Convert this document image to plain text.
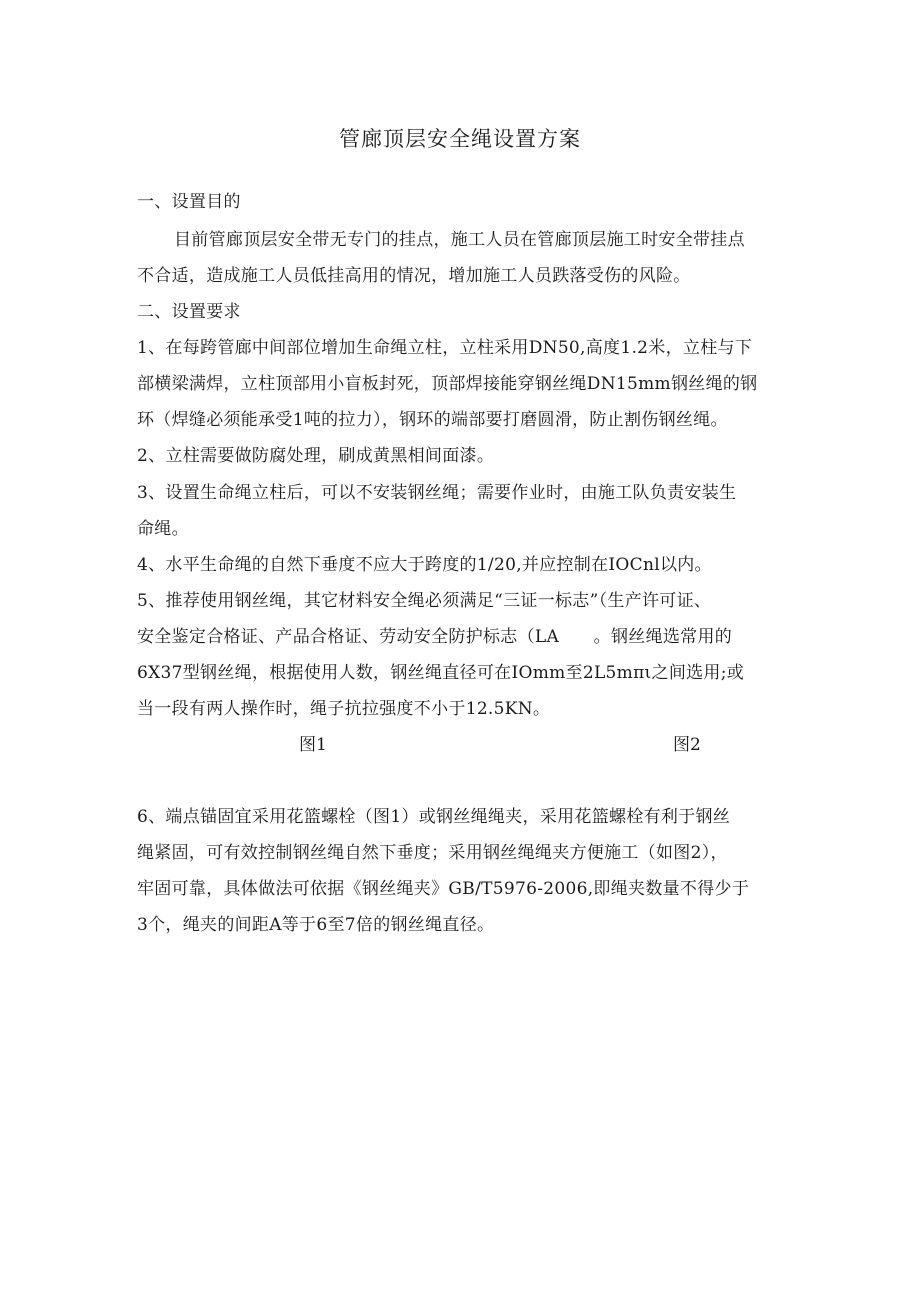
管廊顶层安全绳设置方案
一、设置目的
目前管廊顶层安全带无专门的挂点，施工人员在管廊顶层施工时安全带挂点
不合适，造成施工人员低挂高用的情况，增加施工人员跌落受伤的风险。
二、设置要求
1、在每跨管廊中间部位增加生命绳立柱，立柱采用DN50,高度1.2米，立柱与下
部横梁满焊，立柱顶部用小盲板封死，顶部焊接能穿钢丝绳DN15mm钢丝绳的钢
环（焊缝必须能承受1吨的拉力），钢环的端部要打磨圆滑，防止割伤钢丝绳。
2、立柱需要做防腐处理，刷成黄黑相间面漆。
3、设置生命绳立柱后，可以不安装钢丝绳；需要作业时，由施工队负责安装生
命绳。
4、水平生命绳的自然下垂度不应大于跨度的1/20,并应控制在IOCnl以内。
5、推荐使用钢丝绳，其它材料安全绳必须满足“三证一标志”（生产许可证、
安全鉴定合格证、产品合格证、劳动安全防护标志（LA　　。钢丝绳选常用的
6X37型钢丝绳，根据使用人数，钢丝绳直径可在IOmm至2L5mπι之间选用;或
当一段有两人操作时，绳子抗拉强度不小于12.5KN。
图1	图2
6、端点锚固宜采用花篮螺栓（图1）或钢丝绳绳夹，采用花篮螺栓有利于钢丝
绳紧固，可有效控制钢丝绳自然下垂度；采用钢丝绳绳夹方便施工（如图2），
牢固可靠，具体做法可依据《钢丝绳夹》GB/T5976-2006,即绳夹数量不得少于
3个，绳夹的间距A等于6至7倍的钢丝绳直径。
